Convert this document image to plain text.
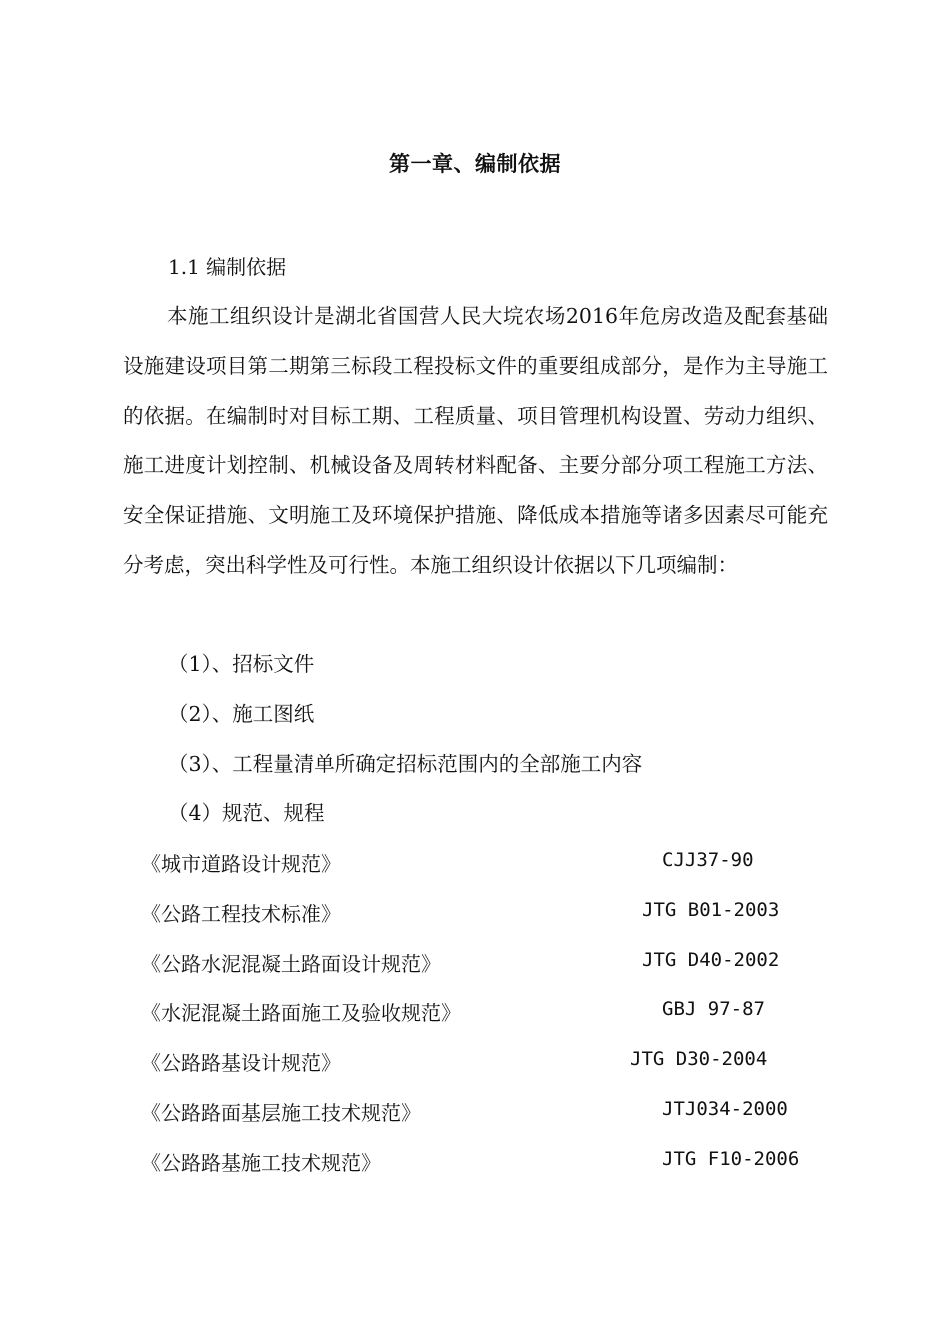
第一章、编制依据
1.1 编制依据

本施工组织设计是湖北省国营人民大垸农场2016年危房改造及配套基础设施建设项目第二期第三标段工程投标文件的重要组成部分，是作为主导施工的依据。在编制时对目标工期、工程质量、项目管理机构设置、劳动力组织、施工进度计划控制、机械设备及周转材料配备、主要分部分项工程施工方法、安全保证措施、文明施工及环境保护措施、降低成本措施等诸多因素尽可能充分考虑，突出科学性及可行性。本施工组织设计依据以下几项编制：

（1）、招标文件
（2）、施工图纸
（3）、工程量清单所确定招标范围内的全部施工内容
（4）规范、规程
《城市道路设计规范》	CJJ37-90
《公路工程技术标准》	JTG B01-2003
《公路水泥混凝土路面设计规范》	JTG D40-2002
《水泥混凝土路面施工及验收规范》	GBJ 97-87
《公路路基设计规范》	JTG D30-2004
《公路路面基层施工技术规范》	JTJ034-2000
《公路路基施工技术规范》	JTG F10-2006
